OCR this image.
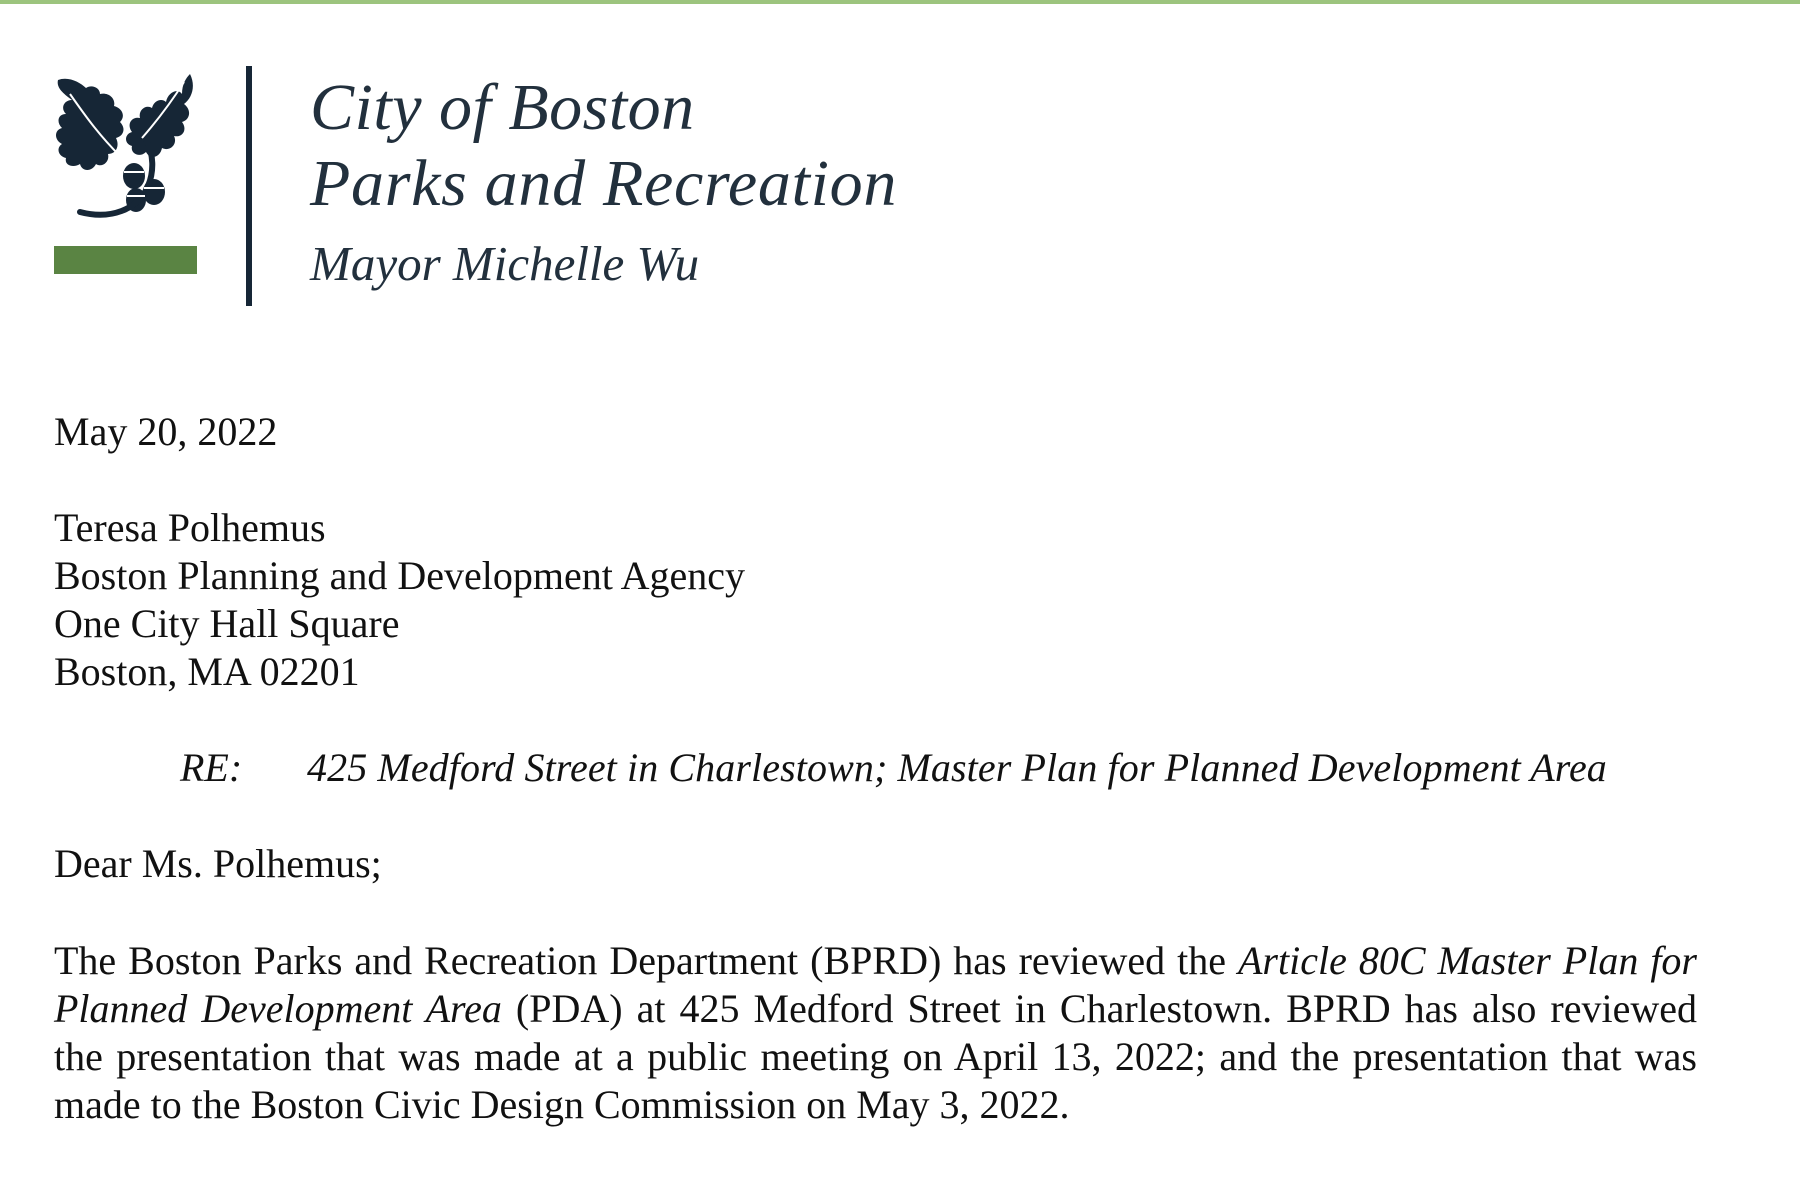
City of Boston
Parks and Recreation
Mayor Michelle Wu
May 20, 2022
Teresa Polhemus
Boston Planning and Development Agency
One City Hall Square
Boston, MA 02201
RE: 425 Medford Street in Charlestown; Master Plan for Planned Development Area
Dear Ms. Polhemus;

The Boston Parks and Recreation Department (BPRD) has reviewed the Article 80C Master Plan for Planned Development Area (PDA) at 425 Medford Street in Charlestown. BPRD has also reviewed the presentation that was made at a public meeting on April 13, 2022; and the presentation that was made to the Boston Civic Design Commission on May 3, 2022.
